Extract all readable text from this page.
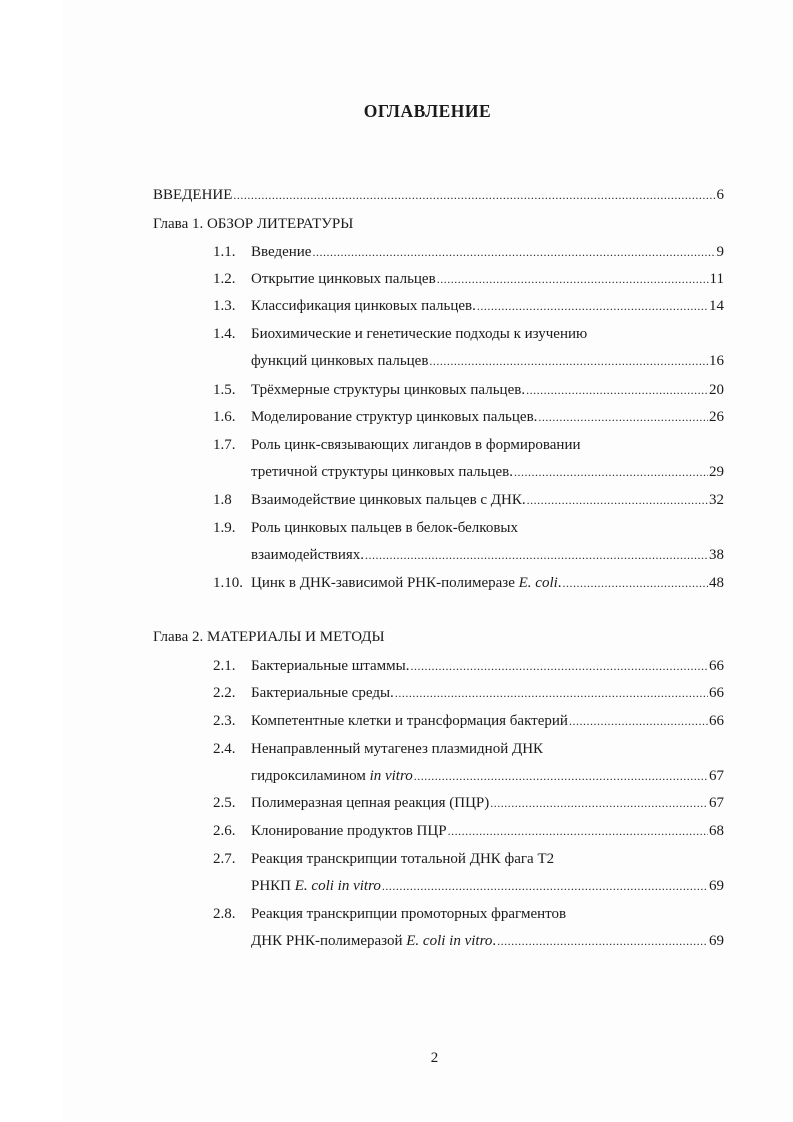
ОГЛАВЛЕНИЕ
ВВЕДЕНИЕ .....	6
Глава 1. ОБЗОР ЛИТЕРАТУРЫ
1.1. Введение .....	9
1.2. Открытие цинковых пальцев .....	11
1.3. Классификация цинковых пальцев. .....	14
1.4. Биохимические и генетические подходы к изучению
функций цинковых пальцев .....	16
1.5. Трёхмерные структуры цинковых пальцев. .....	20
1.6. Моделирование структур цинковых пальцев. .....	26
1.7. Роль цинк-связывающих лигандов в формировании
третичной структуры цинковых пальцев. .....	29
1.8 Взаимодействие цинковых пальцев с ДНК. .....	32
1.9. Роль цинковых пальцев в белок-белковых
взаимодействиях. .....	38
1.10. Цинк в ДНК-зависимой РНК-полимеразе E. coli. .....	48
Глава 2. МАТЕРИАЛЫ И МЕТОДЫ
2.1. Бактериальные штаммы. .....	66
2.2. Бактериальные среды. .....	66
2.3. Компетентные клетки и трансформация бактерий .....	66
2.4. Ненаправленный мутагенез плазмидной ДНК
гидроксиламином in vitro .....	67
2.5. Полимеразная цепная реакция (ПЦР) .....	67
2.6. Клонирование продуктов ПЦР .....	68
2.7. Реакция транскрипции тотальной ДНК фага Т2
РНКП E. coli in vitro .....	69
2.8. Реакция транскрипции промоторных фрагментов
ДНК РНК-полимеразой E. coli in vitro. .....	69
2
